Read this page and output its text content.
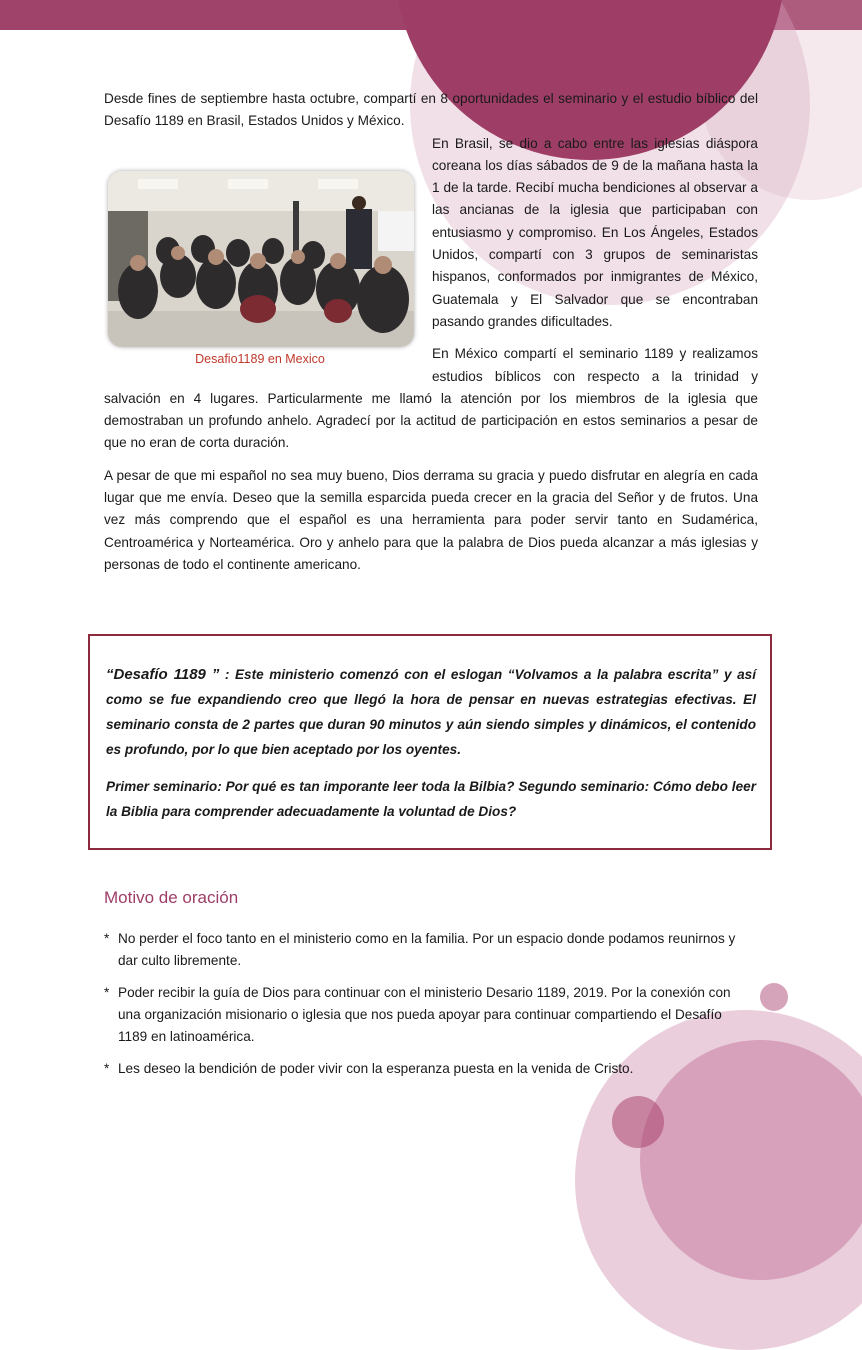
Desde fines de septiembre hasta octubre, compartí en 8 oportunidades el seminario y el estudio bíblico del Desafío 1189 en Brasil, Estados Unidos y México.

Desafio1189 en Mexico

En Brasil, se dio a cabo entre las iglesias diáspora coreana los días sábados de 9 de la mañana hasta la 1 de la tarde. Recibí mucha bendiciones al observar a las ancianas de la iglesia que participaban con entusiasmo y compromiso. En Los Ángeles, Estados Unidos, compartí con 3 grupos de seminaristas hispanos, conformados por inmigrantes de México, Guatemala y El Salvador que se encontraban pasando grandes dificultades.

En México compartí el seminario 1189 y realizamos estudios bíblicos con respecto a la trinidad y salvación en 4 lugares. Particularmente me llamó la atención por los miembros de la iglesia que demostraban un profundo anhelo. Agradecí por la actitud de participación en estos seminarios a pesar de que no eran de corta duración.

A pesar de que mi español no sea muy bueno, Dios derrama su gracia y puedo disfrutar en alegría en cada lugar que me envía. Deseo que la semilla esparcida pueda crecer en la gracia del Señor y de frutos. Una vez más comprendo que el español es una herramienta para poder servir tanto en Sudamérica, Centroamérica y Norteamérica. Oro y anhelo para que la palabra de Dios pueda alcanzar a más iglesias y personas de todo el continente americano.

“Desafío 1189 ” : Este ministerio comenzó con el eslogan “Volvamos a la palabra escrita” y así como se fue expandiendo creo que llegó la hora de pensar en nuevas estrategias efectivas. El seminario consta de 2 partes que duran 90 minutos y aún siendo simples y dinámicos, el contenido es profundo, por lo que bien aceptado por los oyentes.

Primer seminario: Por qué es tan imporante leer toda la Bilbia? Segundo seminario: Cómo debo leer la Biblia para comprender adecuadamente la voluntad de Dios?

Motivo de oración
* No perder el foco tanto en el ministerio como en la familia. Por un espacio donde podamos reunirnos y dar culto libremente.
* Poder recibir la guía de Dios para continuar con el ministerio Desario 1189, 2019. Por la conexión con una organización misionario o iglesia que nos pueda apoyar para continuar compartiendo el Desafío 1189 en latinoamérica.
* Les deseo la bendición de poder vivir con la esperanza puesta en la venida de Cristo.
